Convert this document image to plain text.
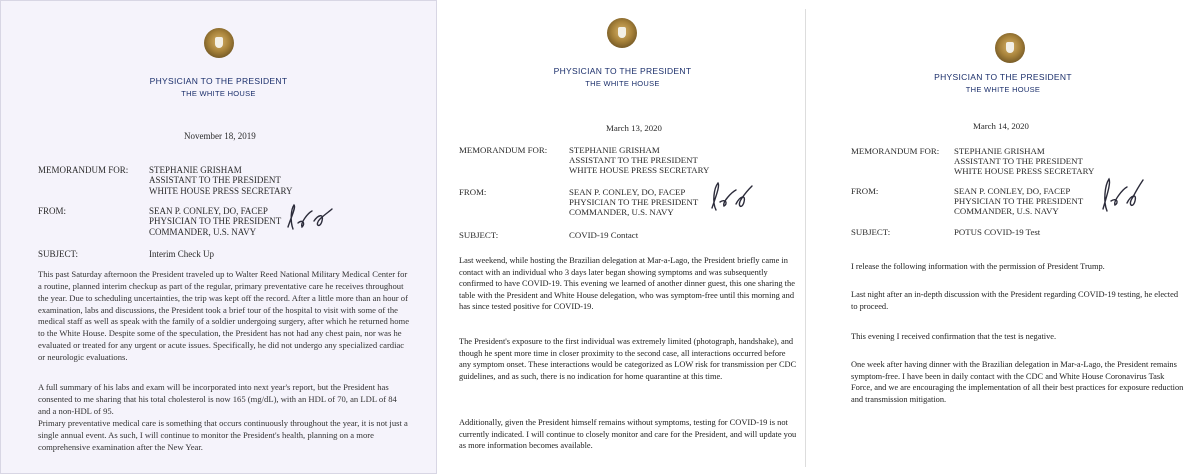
PHYSICIAN TO THE PRESIDENT
THE WHITE HOUSE
November 18, 2019
MEMORANDUM FOR: STEPHANIE GRISHAM
ASSISTANT TO THE PRESIDENT
WHITE HOUSE PRESS SECRETARY
FROM:	SEAN P. CONLEY, DO, FACEP
PHYSICIAN TO THE PRESIDENT
COMMANDER, U.S. NAVY
SUBJECT:	Interim Check Up
This past Saturday afternoon the President traveled up to Walter Reed National Military Medical Center for a routine, planned interim checkup as part of the regular, primary preventative care he receives throughout the year. Due to scheduling uncertainties, the trip was kept off the record. After a little more than an hour of examination, labs and discussions, the President took a brief tour of the hospital to visit with some of the medical staff as well as speak with the family of a soldier undergoing surgery, after which he returned home to the White House. Despite some of the speculation, the President has not had any chest pain, nor was he evaluated or treated for any urgent or acute issues. Specifically, he did not undergo any specialized cardiac or neurologic evaluations.
A full summary of his labs and exam will be incorporated into next year's report, but the President has consented to me sharing that his total cholesterol is now 165 (mg/dL), with an HDL of 70, an LDL of 84 and a non-HDL of 95.
Primary preventative medical care is something that occurs continuously throughout the year, it is not just a single annual event. As such, I will continue to monitor the President's health, planning on a more comprehensive examination after the New Year.
PHYSICIAN TO THE PRESIDENT
THE WHITE HOUSE
March 13, 2020
MEMORANDUM FOR: STEPHANIE GRISHAM
ASSISTANT TO THE PRESIDENT
WHITE HOUSE PRESS SECRETARY
FROM:	SEAN P. CONLEY, DO, FACEP
PHYSICIAN TO THE PRESIDENT
COMMANDER, U.S. NAVY
SUBJECT:	COVID-19 Contact
Last weekend, while hosting the Brazilian delegation at Mar-a-Lago, the President briefly came in contact with an individual who 3 days later began showing symptoms and was subsequently confirmed to have COVID-19. This evening we learned of another dinner guest, this one sharing the table with the President and White House delegation, who was symptom-free until this morning and has since tested positive for COVID-19.
The President's exposure to the first individual was extremely limited (photograph, handshake), and though he spent more time in closer proximity to the second case, all interactions occurred before any symptom onset. These interactions would be categorized as LOW risk for transmission per CDC guidelines, and as such, there is no indication for home quarantine at this time.
Additionally, given the President himself remains without symptoms, testing for COVID-19 is not currently indicated. I will continue to closely monitor and care for the President, and will update you as more information becomes available.
PHYSICIAN TO THE PRESIDENT
THE WHITE HOUSE
March 14, 2020
MEMORANDUM FOR: STEPHANIE GRISHAM
ASSISTANT TO THE PRESIDENT
WHITE HOUSE PRESS SECRETARY
FROM:	SEAN P. CONLEY, DO, FACEP
PHYSICIAN TO THE PRESIDENT
COMMANDER, U.S. NAVY
SUBJECT:	POTUS COVID-19 Test
I release the following information with the permission of President Trump.
Last night after an in-depth discussion with the President regarding COVID-19 testing, he elected to proceed.
This evening I received confirmation that the test is negative.
One week after having dinner with the Brazilian delegation in Mar-a-Lago, the President remains symptom-free. I have been in daily contact with the CDC and White House Coronavirus Task Force, and we are encouraging the implementation of all their best practices for exposure reduction and transmission mitigation.
